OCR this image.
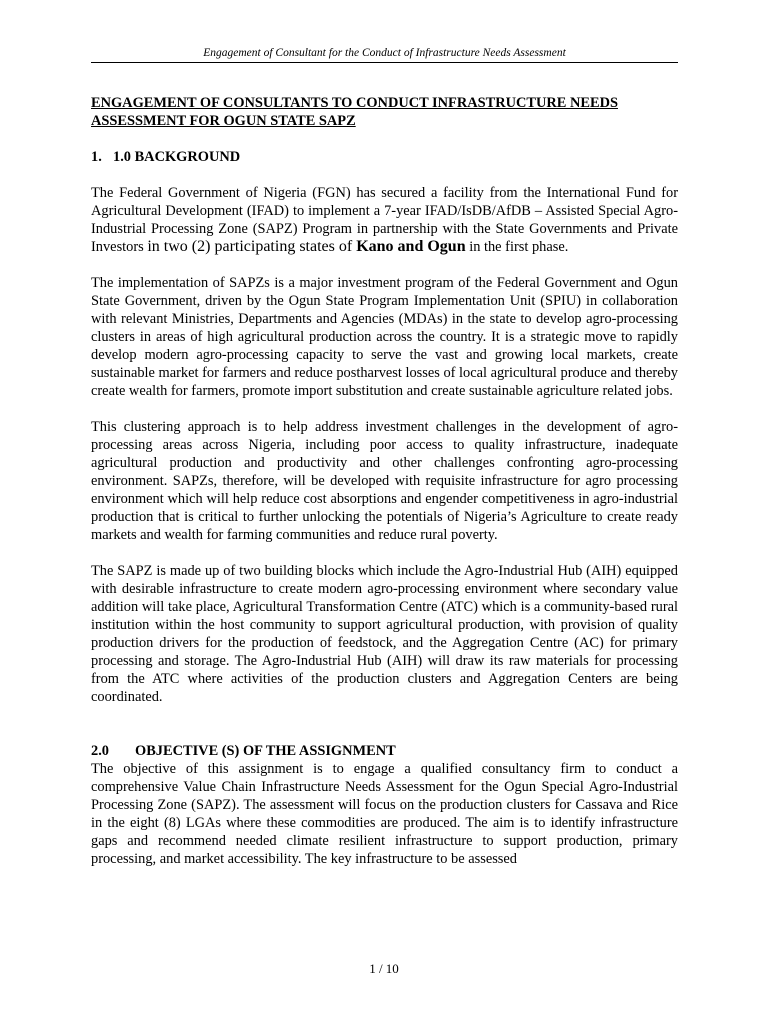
Engagement of Consultant for the Conduct of Infrastructure Needs Assessment

ENGAGEMENT OF CONSULTANTS TO CONDUCT INFRASTRUCTURE NEEDS ASSESSMENT FOR OGUN STATE SAPZ

1. 1.0 BACKGROUND

The Federal Government of Nigeria (FGN) has secured a facility from the International Fund for Agricultural Development (IFAD) to implement a 7-year IFAD/IsDB/AfDB – Assisted Special Agro-Industrial Processing Zone (SAPZ) Program in partnership with the State Governments and Private Investors in two (2) participating states of Kano and Ogun in the first phase.

The implementation of SAPZs is a major investment program of the Federal Government and Ogun State Government, driven by the Ogun State Program Implementation Unit (SPIU) in collaboration with relevant Ministries, Departments and Agencies (MDAs) in the state to develop agro-processing clusters in areas of high agricultural production across the country. It is a strategic move to rapidly develop modern agro-processing capacity to serve the vast and growing local markets, create sustainable market for farmers and reduce postharvest losses of local agricultural produce and thereby create wealth for farmers, promote import substitution and create sustainable agriculture related jobs.

This clustering approach is to help address investment challenges in the development of agro-processing areas across Nigeria, including poor access to quality infrastructure, inadequate agricultural production and productivity and other challenges confronting agro-processing environment. SAPZs, therefore, will be developed with requisite infrastructure for agro processing environment which will help reduce cost absorptions and engender competitiveness in agro-industrial production that is critical to further unlocking the potentials of Nigeria’s Agriculture to create ready markets and wealth for farming communities and reduce rural poverty.

The SAPZ is made up of two building blocks which include the Agro-Industrial Hub (AIH) equipped with desirable infrastructure to create modern agro-processing environment where secondary value addition will take place, Agricultural Transformation Centre (ATC) which is a community-based rural institution within the host community to support agricultural production, with provision of quality production drivers for the production of feedstock, and the Aggregation Centre (AC) for primary processing and storage. The Agro-Industrial Hub (AIH) will draw its raw materials for processing from the ATC where activities of the production clusters and Aggregation Centers are being coordinated.

2.0 OBJECTIVE (S) OF THE ASSIGNMENT

The objective of this assignment is to engage a qualified consultancy firm to conduct a comprehensive Value Chain Infrastructure Needs Assessment for the Ogun Special Agro-Industrial Processing Zone (SAPZ). The assessment will focus on the production clusters for Cassava and Rice in the eight (8) LGAs where these commodities are produced. The aim is to identify infrastructure gaps and recommend needed climate resilient infrastructure to support production, primary processing, and market accessibility. The key infrastructure to be assessed

1 / 10
